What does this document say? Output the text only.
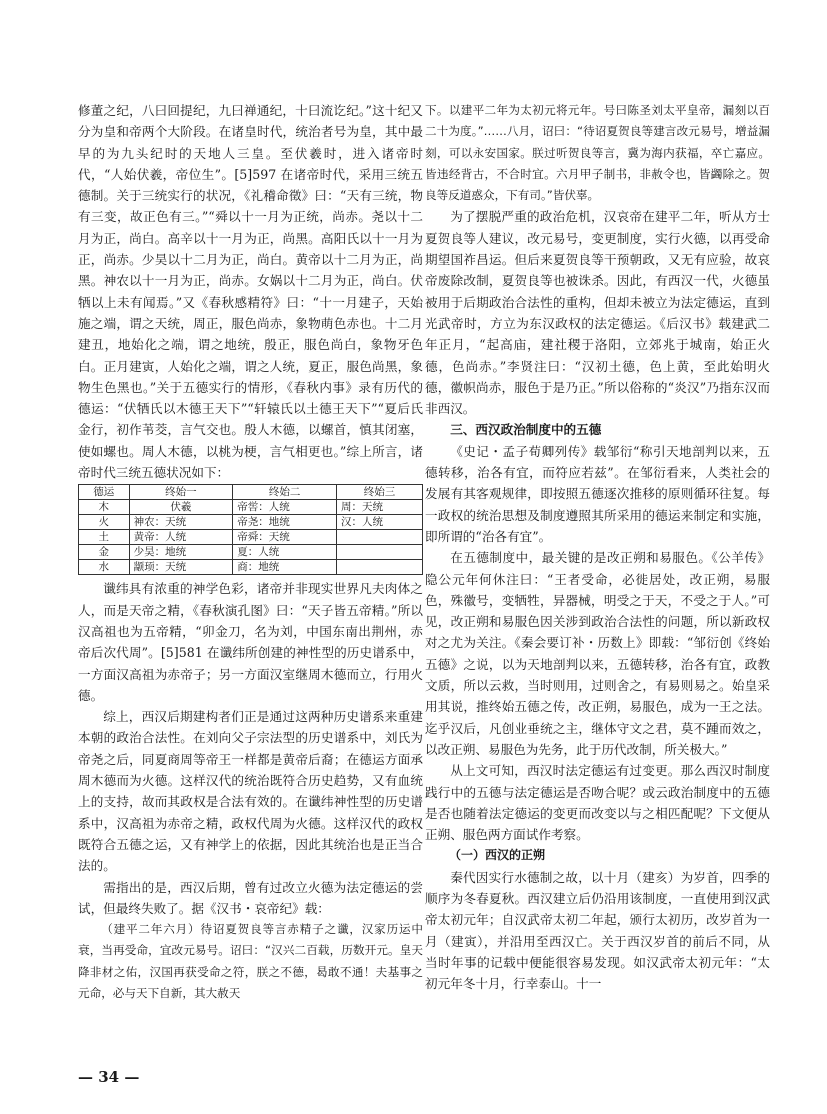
修董之纪，八曰回提纪，九曰禅通纪，十曰流讫纪。”这十纪又分为皇和帝两个大阶段。在诸皇时代，统治者号为皇，其中最早的为九头纪时的天地人三皇。至伏羲时，进入诸帝时代，“人始伏羲，帝位生”。[5]597 在诸帝时代，采用三统五德制。关于三统实行的状况，《礼稽命徵》曰：“天有三统，物有三变，故正色有三。”“舜以十一月为正统，尚赤。尧以十二月为正，尚白。高辛以十一月为正，尚黑。高阳氏以十一月为正，尚赤。少昊以十二月为正，尚白。黄帝以十二月为正，尚黑。神农以十一月为正，尚赤。女娲以十二月为正，尚白。伏牺以上未有闻焉。”又《春秋感精符》曰：“十一月建子，天始施之端，谓之天统，周正，服色尚赤，象物萌色赤也。十二月建丑，地始化之端，谓之地统，殷正，服色尚白，象物牙色白。正月建寅，人始化之端，谓之人统，夏正，服色尚黑，象物生色黑也。”关于五德实行的情形，《春秋内事》录有历代的德运：“伏牺氏以木德王天下”“轩辕氏以土德王天下”“夏后氏金行，初作苇茭，言气交也。殷人木德，以螺首，慎其闭塞，使如螺也。周人木德，以桃为梗，言气相更也。”综上所言，诸帝时代三统五德状况如下：

德运	终始一	终始二	终始三
木	伏羲	帝喾：人统	周：天统
火	神农：天统	帝尧：地统	汉：人统
土	黄帝：人统	帝舜：天统	
金	少昊：地统	夏：人统	
水	颛顼：天统	商：地统	

谶纬具有浓重的神学色彩，诸帝并非现实世界凡夫肉体之人，而是天帝之精，《春秋演孔图》曰：“天子皆五帝精。”所以汉高祖也为五帝精，“卯金刀，名为刘，中国东南出荆州，赤帝后次代周”。[5]581 在谶纬所创建的神性型的历史谱系中，一方面汉高祖为赤帝子；另一方面汉室继周木德而立，行用火德。

综上，西汉后期建构者们正是通过这两种历史谱系来重建本朝的政治合法性。在刘向父子宗法型的历史谱系中，刘氏为帝尧之后，同夏商周等帝王一样都是黄帝后裔；在德运方面承周木德而为火德。这样汉代的统治既符合历史趋势，又有血统上的支持，故而其政权是合法有效的。在谶纬神性型的历史谱系中，汉高祖为赤帝之精，政权代周为火德。这样汉代的政权既符合五德之运，又有神学上的依据，因此其统治也是正当合法的。

需指出的是，西汉后期，曾有过改立火德为法定德运的尝试，但最终失败了。据《汉书・哀帝纪》载：

（建平二年六月）待诏夏贺良等言赤精子之谶，汉家历运中衰，当再受命，宜改元易号。诏曰：“汉兴二百载，历数开元。皇天降非材之佑，汉国再获受命之符，朕之不德，曷敢不通！夫基事之元命，必与天下自新，其大赦天

下。以建平二年为太初元将元年。号曰陈圣刘太平皇帝，漏刻以百二十为度。”……八月，诏曰：“待诏夏贺良等建言改元易号，增益漏刻，可以永安国家。朕过听贺良等言，冀为海内获福，卒亡嘉应。皆违经背古，不合时宜。六月甲子制书，非赦令也，皆蠲除之。贺良等反道惑众，下有司。”皆伏辜。

为了摆脱严重的政治危机，汉哀帝在建平二年，听从方士夏贺良等人建议，改元易号，变更制度，实行火德，以再受命期望国祚昌运。但后来夏贺良等干预朝政，又无有应验，故哀帝废除改制，夏贺良等也被诛杀。因此，有西汉一代，火德虽被用于后期政治合法性的重构，但却未被立为法定德运，直到光武帝时，方立为东汉政权的法定德运。《后汉书》载建武二年正月，“起高庙，建社稷于洛阳，立郊兆于城南，始正火德，色尚赤。”李贤注曰：“汉初土德，色上黄，至此始明火德，徽帜尚赤，服色于是乃正。”所以俗称的“炎汉”乃指东汉而非西汉。

三、西汉政治制度中的五德

《史记・孟子荀卿列传》载邹衍“称引天地剖判以来，五德转移，治各有宜，而符应若兹”。在邹衍看来，人类社会的发展有其客观规律，即按照五德逐次推移的原则循环往复。每一政权的统治思想及制度遵照其所采用的德运来制定和实施，即所谓的“治各有宜”。

在五德制度中，最关键的是改正朔和易服色。《公羊传》隐公元年何休注曰：“王者受命，必徙居处，改正朔，易服色，殊徽号，变牺牲，异器械，明受之于天，不受之于人。”可见，改正朔和易服色因关涉到政治合法性的问题，所以新政权对之尤为关注。《秦会要订补・历数上》即载：“邹衍创《终始五德》之说，以为天地剖判以来，五德转移，治各有宜，政教文质，所以云救，当时则用，过则舍之，有易则易之。始皇采用其说，推终始五德之传，改正朔，易服色，成为一王之法。迄乎汉后，凡创业垂统之主，继体守文之君，莫不踵而效之，以改正朔、易服色为先务，此于历代改制，所关极大。”

从上文可知，西汉时法定德运有过变更。那么西汉时制度践行中的五德与法定德运是否吻合呢？或云政治制度中的五德是否也随着法定德运的变更而改变以与之相匹配呢？下文便从正朔、服色两方面试作考察。

（一）西汉的正朔

秦代因实行水德制之故，以十月（建亥）为岁首，四季的顺序为冬春夏秋。西汉建立后仍沿用该制度，一直使用到汉武帝太初元年；自汉武帝太初二年起，颁行太初历，改岁首为一月（建寅），并沿用至西汉亡。关于西汉岁首的前后不同，从当时年事的记载中便能很容易发现。如汉武帝太初元年：“太初元年冬十月，行幸泰山。十一

— 34 —
